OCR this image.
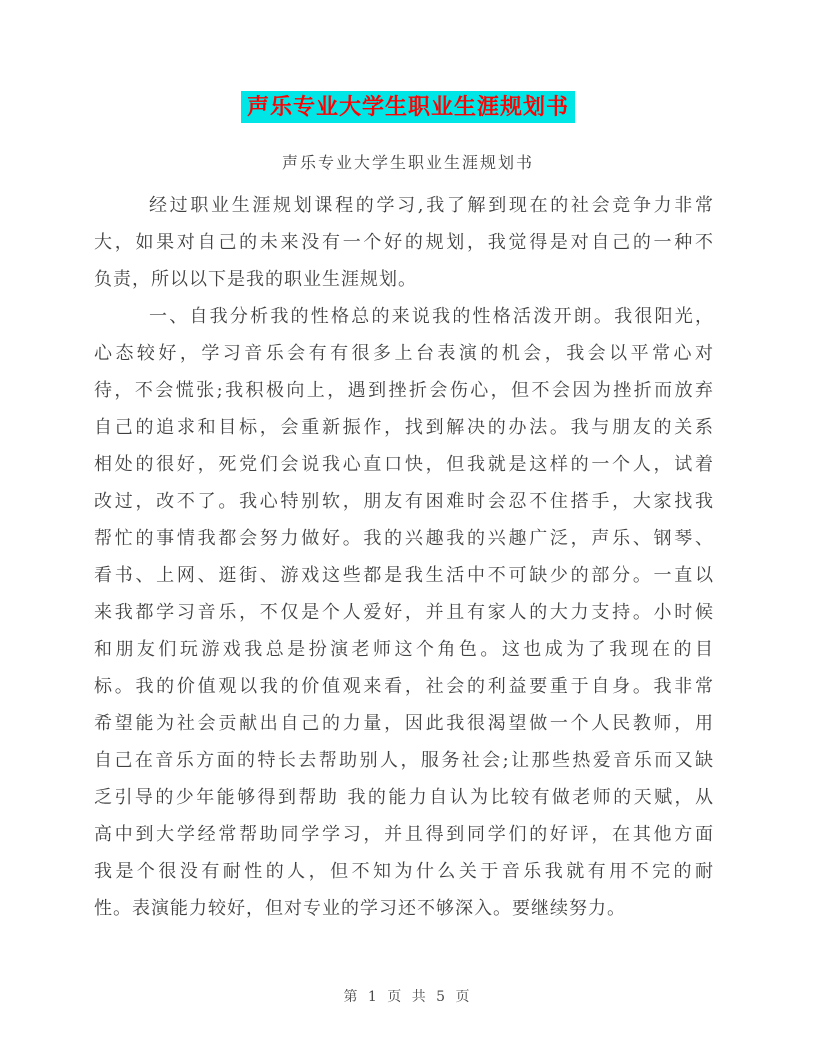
声乐专业大学生职业生涯规划书
声乐专业大学生职业生涯规划书
经过职业生涯规划课程的学习,我了解到现在的社会竞争力非常
大，如果对自己的未来没有一个好的规划，我觉得是对自己的一种不
负责，所以以下是我的职业生涯规划。
一、自我分析我的性格总的来说我的性格活泼开朗。我很阳光，
心态较好，学习音乐会有有很多上台表演的机会，我会以平常心对
待，不会慌张;我积极向上，遇到挫折会伤心，但不会因为挫折而放弃
自己的追求和目标，会重新振作，找到解决的办法。我与朋友的关系
相处的很好，死党们会说我心直口快，但我就是这样的一个人，试着
改过，改不了。我心特别软，朋友有困难时会忍不住搭手，大家找我
帮忙的事情我都会努力做好。我的兴趣我的兴趣广泛，声乐、钢琴、
看书、上网、逛街、游戏这些都是我生活中不可缺少的部分。一直以
来我都学习音乐，不仅是个人爱好，并且有家人的大力支持。小时候
和朋友们玩游戏我总是扮演老师这个角色。这也成为了我现在的目
标。我的价值观以我的价值观来看，社会的利益要重于自身。我非常
希望能为社会贡献出自己的力量，因此我很渴望做一个人民教师，用
自己在音乐方面的特长去帮助别人，服务社会;让那些热爱音乐而又缺
乏引导的少年能够得到帮助 我的能力自认为比较有做老师的天赋，从
高中到大学经常帮助同学学习，并且得到同学们的好评，在其他方面
我是个很没有耐性的人，但不知为什么关于音乐我就有用不完的耐
性。表演能力较好，但对专业的学习还不够深入。要继续努力。
第 1 页 共 5 页
